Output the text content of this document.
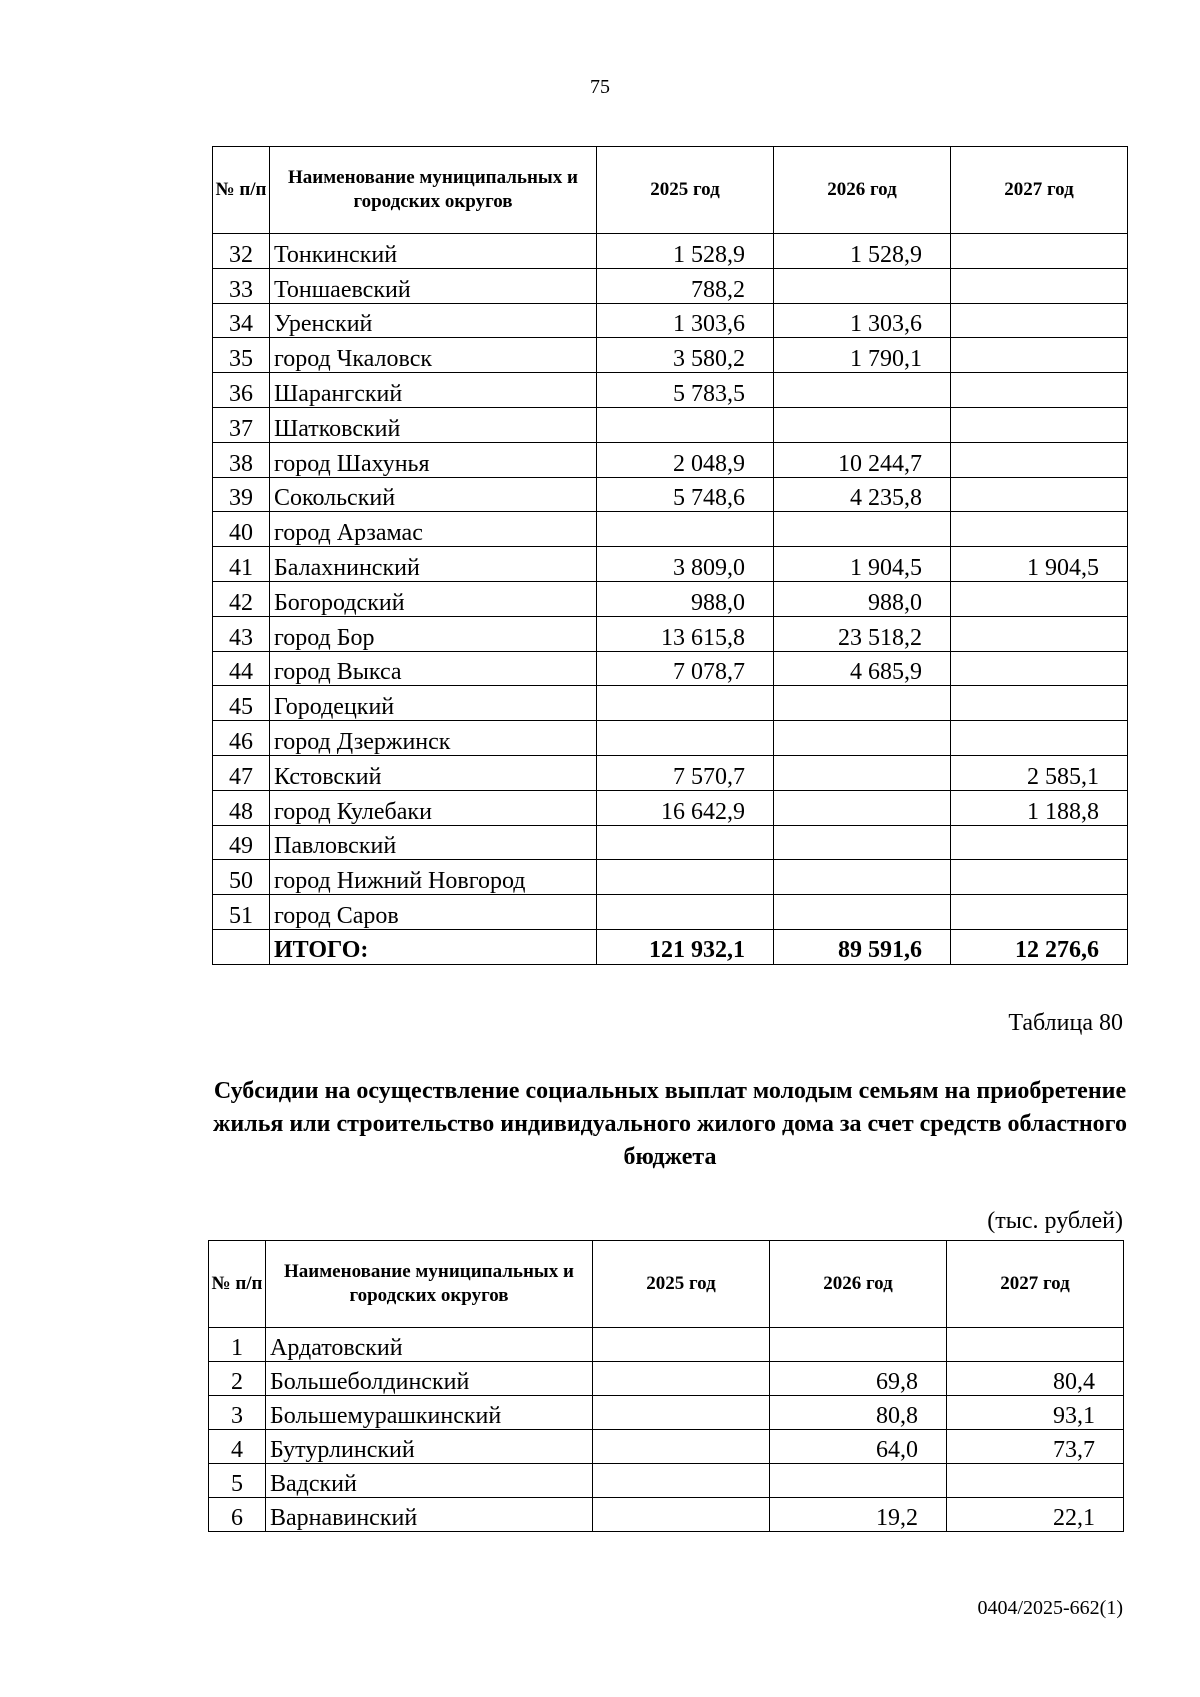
75
№ п/п	Наименование муниципальных и городских округов	2025 год	2026 год	2027 год
32	Тонкинский	1 528,9	1 528,9	
33	Тоншаевский	788,2		
34	Уренский	1 303,6	1 303,6	
35	город Чкаловск	3 580,2	1 790,1	
36	Шарангский	5 783,5		
37	Шатковский			
38	город Шахунья	2 048,9	10 244,7	
39	Сокольский	5 748,6	4 235,8	
40	город Арзамас			
41	Балахнинский	3 809,0	1 904,5	1 904,5
42	Богородский	988,0	988,0	
43	город Бор	13 615,8	23 518,2	
44	город Выкса	7 078,7	4 685,9	
45	Городецкий			
46	город Дзержинск			
47	Кстовский	7 570,7		2 585,1
48	город Кулебаки	16 642,9		1 188,8
49	Павловский			
50	город Нижний Новгород			
51	город Саров			
	ИТОГО:	121 932,1	89 591,6	12 276,6
Таблица 80
Субсидии на осуществление социальных выплат молодым семьям на приобретение жилья или строительство индивидуального жилого дома за счет средств областного бюджета
(тыс. рублей)
№ п/п	Наименование муниципальных и городских округов	2025 год	2026 год	2027 год
1	Ардатовский			
2	Большеболдинский		69,8	80,4
3	Большемурашкинский		80,8	93,1
4	Бутурлинский		64,0	73,7
5	Вадский			
6	Варнавинский		19,2	22,1
0404/2025-662(1)
